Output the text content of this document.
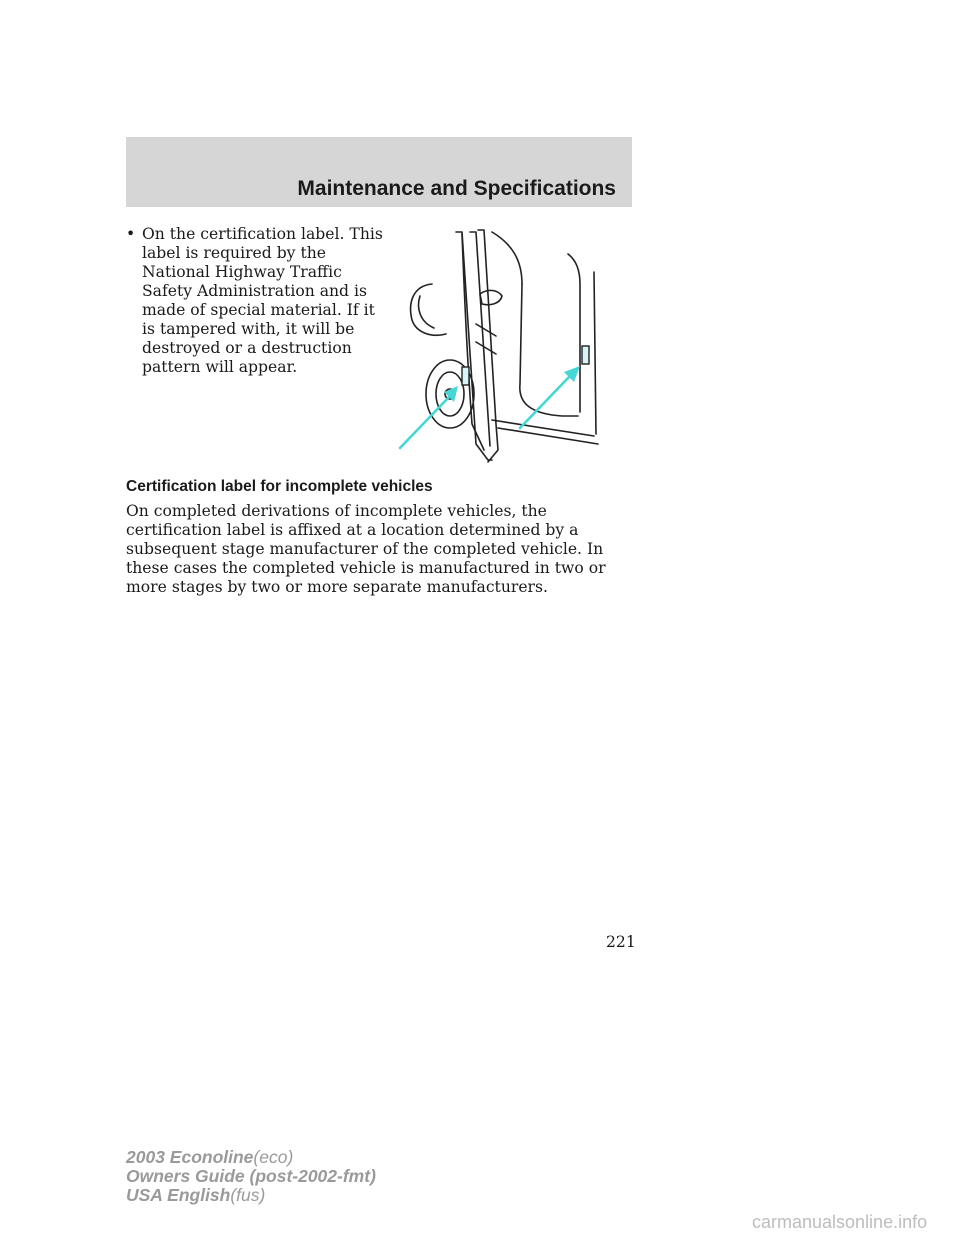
Maintenance and Specifications
• On the certification label. This label is required by the National Highway Traffic Safety Administration and is made of special material. If it is tampered with, it will be destroyed or a destruction pattern will appear.
Certification label for incomplete vehicles
On completed derivations of incomplete vehicles, the certification label is affixed at a location determined by a subsequent stage manufacturer of the completed vehicle. In these cases the completed vehicle is manufactured in two or more stages by two or more separate manufacturers.
221
2003 Econoline(eco)
Owners Guide (post-2002-fmt)
USA English(fus)
carmanualsonline.info
